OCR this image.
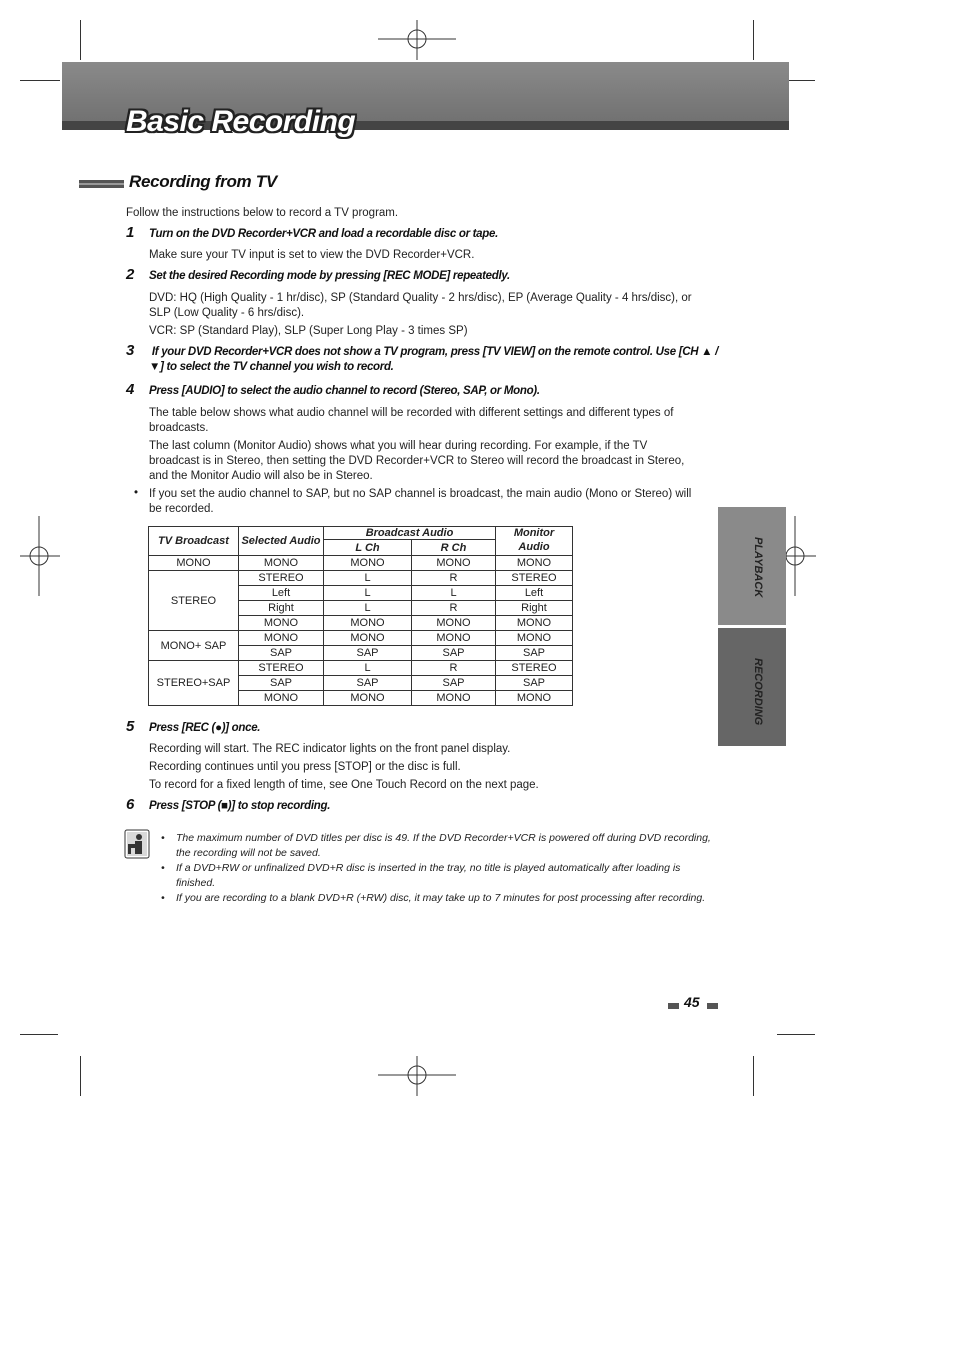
Basic Recording
Recording from TV
Follow the instructions below to record a TV program.
1 Turn on the DVD Recorder+VCR and load a recordable disc or tape.
Make sure your TV input is set to view the DVD Recorder+VCR.
2 Set the desired Recording mode by pressing [REC MODE] repeatedly.
DVD: HQ (High Quality - 1 hr/disc), SP (Standard Quality - 2 hrs/disc), EP (Average Quality - 4 hrs/disc), or
SLP (Low Quality - 6 hrs/disc).
VCR: SP (Standard Play), SLP (Super Long Play - 3 times SP)
3 If your DVD Recorder+VCR does not show a TV program, press [TV VIEW] on the remote control. Use [CH ▲ /
▼] to select the TV channel you wish to record.
4 Press [AUDIO] to select the audio channel to record (Stereo, SAP, or Mono).
The table below shows what audio channel will be recorded with different settings and different types of
broadcasts.
The last column (Monitor Audio) shows what you will hear during recording. For example, if the TV
broadcast is in Stereo, then setting the DVD Recorder+VCR to Stereo will record the broadcast in Stereo,
and the Monitor Audio will also be in Stereo.
• If you set the audio channel to SAP, but no SAP channel is broadcast, the main audio (Mono or Stereo) will
be recorded.
TV Broadcast	Selected Audio	Broadcast Audio		Monitor
		L Ch	R Ch	Audio
MONO	MONO	MONO	MONO	MONO
STEREO	STEREO	L	R	STEREO
	Left	L	L	Left
	Right	L	R	Right
	MONO	MONO	MONO	MONO
MONO+ SAP	MONO	MONO	MONO	MONO
	SAP	SAP	SAP	SAP
STEREO+SAP	STEREO	L	R	STEREO
	SAP	SAP	SAP	SAP
	MONO	MONO	MONO	MONO
5 Press [REC (●)] once.
Recording will start. The REC indicator lights on the front panel display.
Recording continues until you press [STOP] or the disc is full.
To record for a fixed length of time, see One Touch Record on the next page.
6 Press [STOP (■)] to stop recording.
• The maximum number of DVD titles per disc is 49. If the DVD Recorder+VCR is powered off during DVD recording,
the recording will not be saved.
• If a DVD+RW or unfinalized DVD+R disc is inserted in the tray, no title is played automatically after loading is
finished.
• If you are recording to a blank DVD+R (+RW) disc, it may take up to 7 minutes for post processing after recording.
PLAYBACK
RECORDING
45
